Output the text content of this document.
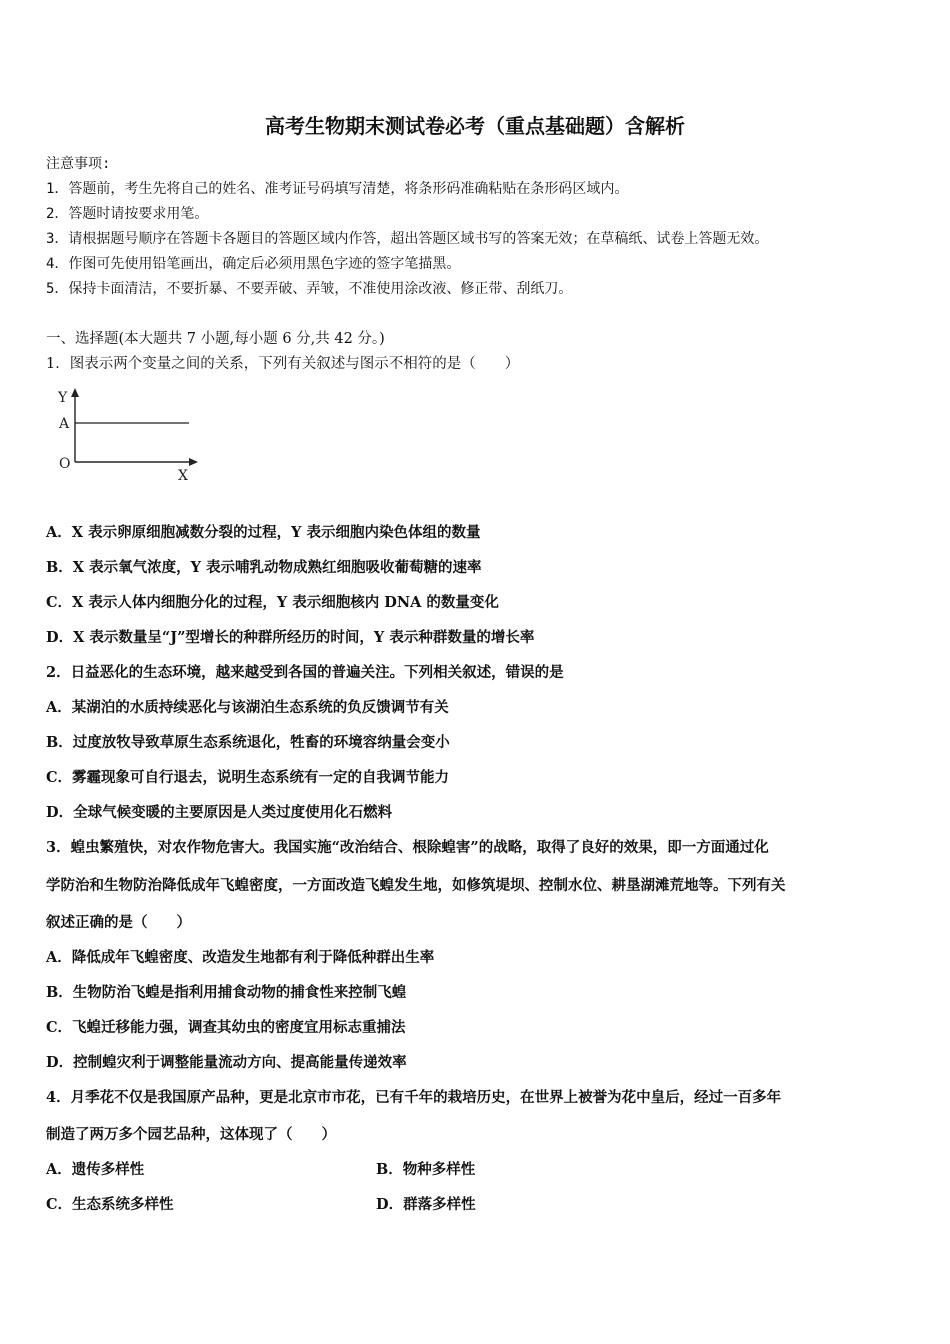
高考生物期末测试卷必考（重点基础题）含解析
注意事项:
1．答题前，考生先将自己的姓名、准考证号码填写清楚，将条形码准确粘贴在条形码区域内。
2．答题时请按要求用笔。
3．请根据题号顺序在答题卡各题目的答题区域内作答，超出答题区域书写的答案无效；在草稿纸、试卷上答题无效。
4．作图可先使用铅笔画出，确定后必须用黑色字迹的签字笔描黑。
5．保持卡面清洁，不要折暴、不要弄破、弄皱，不准使用涂改液、修正带、刮纸刀。
一、选择题(本大题共 7 小题,每小题 6 分,共 42 分。)
1．图表示两个变量之间的关系，下列有关叙述与图示不相符的是（　　）
Y
A
O
X
A．X 表示卵原细胞减数分裂的过程，Y 表示细胞内染色体组的数量
B．X 表示氧气浓度，Y 表示哺乳动物成熟红细胞吸收葡萄糖的速率
C．X 表示人体内细胞分化的过程，Y 表示细胞核内 DNA 的数量变化
D．X 表示数量呈“J”型增长的种群所经历的时间，Y 表示种群数量的增长率
2．日益恶化的生态环境，越来越受到各国的普遍关注。下列相关叙述，错误的是
A．某湖泊的水质持续恶化与该湖泊生态系统的负反馈调节有关
B．过度放牧导致草原生态系统退化，牲畜的环境容纳量会变小
C．雾霾现象可自行退去，说明生态系统有一定的自我调节能力
D．全球气候变暖的主要原因是人类过度使用化石燃料
3．蝗虫繁殖快，对农作物危害大。我国实施“改治结合、根除蝗害”的战略，取得了良好的效果，即一方面通过化
学防治和生物防治降低成年飞蝗密度，一方面改造飞蝗发生地，如修筑堤坝、控制水位、耕垦湖滩荒地等。下列有关
叙述正确的是（　　）
A．降低成年飞蝗密度、改造发生地都有利于降低种群出生率
B．生物防治飞蝗是指利用捕食动物的捕食性来控制飞蝗
C．飞蝗迁移能力强，调查其幼虫的密度宜用标志重捕法
D．控制蝗灾利于调整能量流动方向、提高能量传递效率
4．月季花不仅是我国原产品种，更是北京市市花，已有千年的栽培历史，在世界上被誉为花中皇后，经过一百多年
制造了两万多个园艺品种，这体现了（　　）
A．遗传多样性	B．物种多样性
C．生态系统多样性	D．群落多样性
